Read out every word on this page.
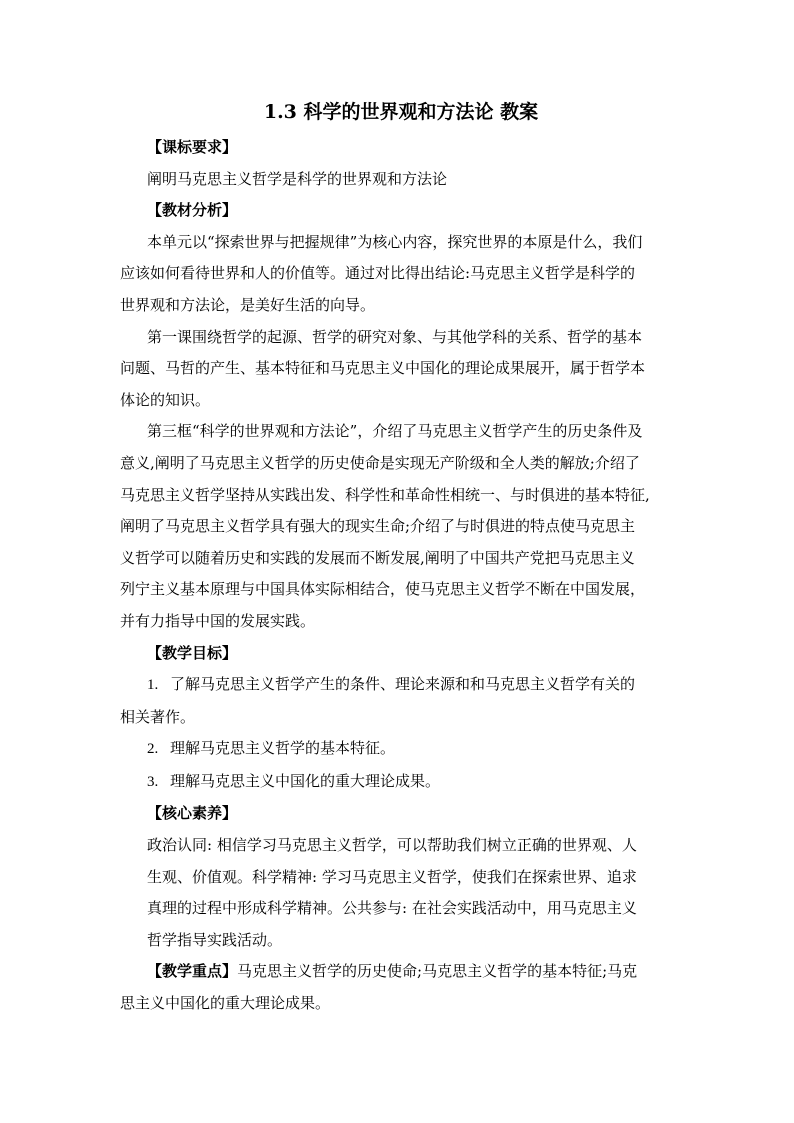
1.3 科学的世界观和方法论 教案

【课标要求】

阐明马克思主义哲学是科学的世界观和方法论

【教材分析】

本单元以“探索世界与把握规律”为核心内容，探究世界的本原是什么，我们

应该如何看待世界和人的价值等。通过对比得出结论:马克思主义哲学是科学的

世界观和方法论，是美好生活的向导。

第一课围绕哲学的起源、哲学的研究对象、与其他学科的关系、哲学的基本

问题、马哲的产生、基本特征和马克思主义中国化的理论成果展开，属于哲学本

体论的知识。

第三框“科学的世界观和方法论”，介绍了马克思主义哲学产生的历史条件及

意义,阐明了马克思主义哲学的历史使命是实现无产阶级和全人类的解放;介绍了

马克思主义哲学坚持从实践出发、科学性和革命性相统一、与时俱进的基本特征,

阐明了马克思主义哲学具有强大的现实生命;介绍了与时俱进的特点使马克思主

义哲学可以随着历史和实践的发展而不断发展,阐明了中国共产党把马克思主义

列宁主义基本原理与中国具体实际相结合，使马克思主义哲学不断在中国发展，

并有力指导中国的发展实践。

【教学目标】

1. 了解马克思主义哲学产生的条件、理论来源和和马克思主义哲学有关的

相关著作。

2. 理解马克思主义哲学的基本特征。

3. 理解马克思主义中国化的重大理论成果。

【核心素养】

政治认同: 相信学习马克思主义哲学，可以帮助我们树立正确的世界观、人

生观、价值观。科学精神: 学习马克思主义哲学，使我们在探索世界、追求

真理的过程中形成科学精神。公共参与: 在社会实践活动中，用马克思主义

哲学指导实践活动。

【教学重点】马克思主义哲学的历史使命;马克思主义哲学的基本特征;马克

思主义中国化的重大理论成果。
